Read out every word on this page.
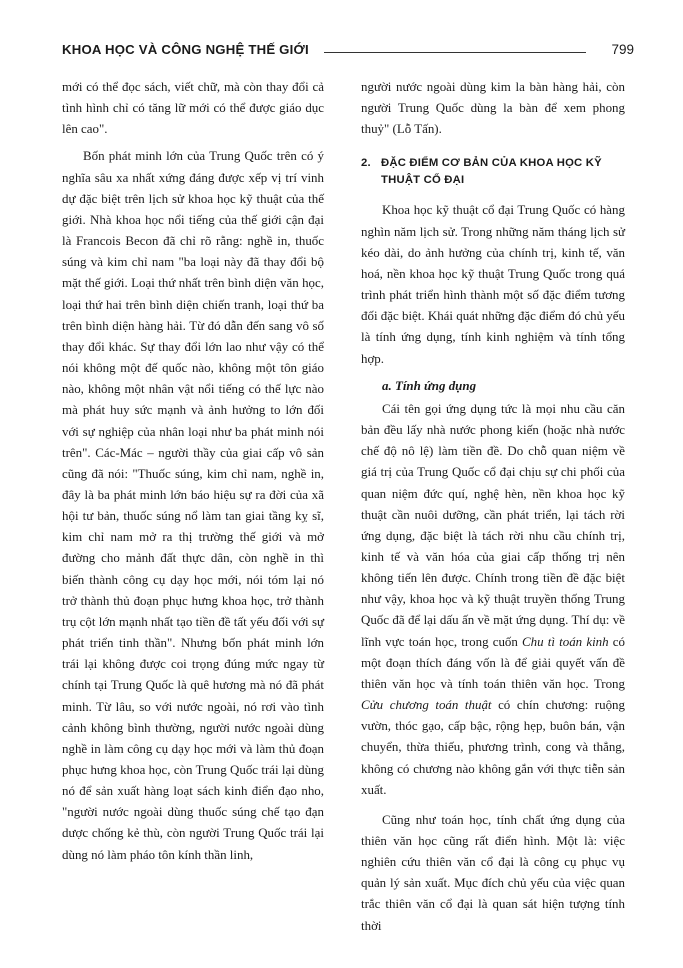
KHOA HỌC VÀ CÔNG NGHỆ THẾ GIỚI	799

mới có thể đọc sách, viết chữ, mà còn thay đổi cả tình hình chỉ có tăng lữ mới có thể được giáo dục lên cao".

Bốn phát minh lớn của Trung Quốc trên có ý nghĩa sâu xa nhất xứng đáng được xếp vị trí vinh dự đặc biệt trên lịch sử khoa học kỹ thuật của thế giới. Nhà khoa học nổi tiếng của thế giới cận đại là Francois Becon đã chỉ rõ rằng: nghề in, thuốc súng và kim chỉ nam "ba loại này đã thay đổi bộ mặt thế giới. Loại thứ nhất trên bình diện văn học, loại thứ hai trên bình diện chiến tranh, loại thứ ba trên bình diện hàng hải. Từ đó dẫn đến sang vô số thay đổi khác. Sự thay đổi lớn lao như vậy có thể nói không một đế quốc nào, không một tôn giáo nào, không một nhân vật nổi tiếng có thế lực nào mà phát huy sức mạnh và ảnh hưởng to lớn đối với sự nghiệp của nhân loại như ba phát minh nói trên". Các-Mác – người thầy của giai cấp vô sản cũng đã nói: "Thuốc súng, kim chỉ nam, nghề in, đây là ba phát minh lớn báo hiệu sự ra đời của xã hội tư bản, thuốc súng nổ làm tan giai tầng kỵ sĩ, kim chỉ nam mở ra thị trường thế giới và mở đường cho mảnh đất thực dân, còn nghề in thì biến thành công cụ dạy học mới, nói tóm lại nó trở thành thủ đoạn phục hưng khoa học, trở thành trụ cột lớn mạnh nhất tạo tiền đề tất yếu đối với sự phát triển tinh thần". Nhưng bốn phát minh lớn trái lại không được coi trọng đúng mức ngay từ chính tại Trung Quốc là quê hương mà nó đã phát minh. Từ lâu, so với nước ngoài, nó rơi vào tình cảnh không bình thường, người nước ngoài dùng nghề in làm công cụ dạy học mới và làm thủ đoạn phục hưng khoa học, còn Trung Quốc trái lại dùng nó để sản xuất hàng loạt sách kinh điển đạo nho, "người nước ngoài dùng thuốc súng chế tạo đạn dược chống kẻ thù, còn người Trung Quốc trái lại dùng nó làm pháo tôn kính thần linh,

người nước ngoài dùng kim la bàn hàng hải, còn người Trung Quốc dùng la bàn để xem phong thuỷ" (Lỗ Tấn).

2. ĐẶC ĐIỂM CƠ BẢN CỦA KHOA HỌC KỸ THUẬT CỔ ĐẠI

Khoa học kỹ thuật cổ đại Trung Quốc có hàng nghìn năm lịch sử. Trong những năm tháng lịch sử kéo dài, do ảnh hưởng của chính trị, kinh tế, văn hoá, nền khoa học kỹ thuật Trung Quốc trong quá trình phát triển hình thành một số đặc điểm tương đối đặc biệt. Khái quát những đặc điểm đó chủ yếu là tính ứng dụng, tính kinh nghiệm và tính tổng hợp.

a. Tính ứng dụng

Cái tên gọi ứng dụng tức là mọi nhu cầu căn bản đều lấy nhà nước phong kiến (hoặc nhà nước chế độ nô lệ) làm tiền đề. Do chỗ quan niệm về giá trị của Trung Quốc cổ đại chịu sự chi phối của quan niệm đức quí, nghệ hèn, nền khoa học kỹ thuật cần nuôi dưỡng, cần phát triển, lại tách rời ứng dụng, đặc biệt là tách rời nhu cầu chính trị, kinh tế và văn hóa của giai cấp thống trị nên không tiến lên được. Chính trong tiền đề đặc biệt như vậy, khoa học và kỹ thuật truyền thống Trung Quốc đã để lại dấu ấn về mặt ứng dụng. Thí dụ: về lĩnh vực toán học, trong cuốn Chu tì toán kinh có một đoạn thích đáng vốn là để giải quyết vấn đề thiên văn học và tính toán thiên văn học. Trong Cửu chương toán thuật có chín chương: ruộng vườn, thóc gạo, cấp bậc, rộng hẹp, buôn bán, vận chuyển, thừa thiếu, phương trình, cong và thẳng, không có chương nào không gắn với thực tiễn sản xuất.

Cũng như toán học, tính chất ứng dụng của thiên văn học cũng rất điển hình. Một là: việc nghiên cứu thiên văn cổ đại là công cụ phục vụ quản lý sản xuất. Mục đích chủ yếu của việc quan trắc thiên văn cổ đại là quan sát hiện tượng tính thời
